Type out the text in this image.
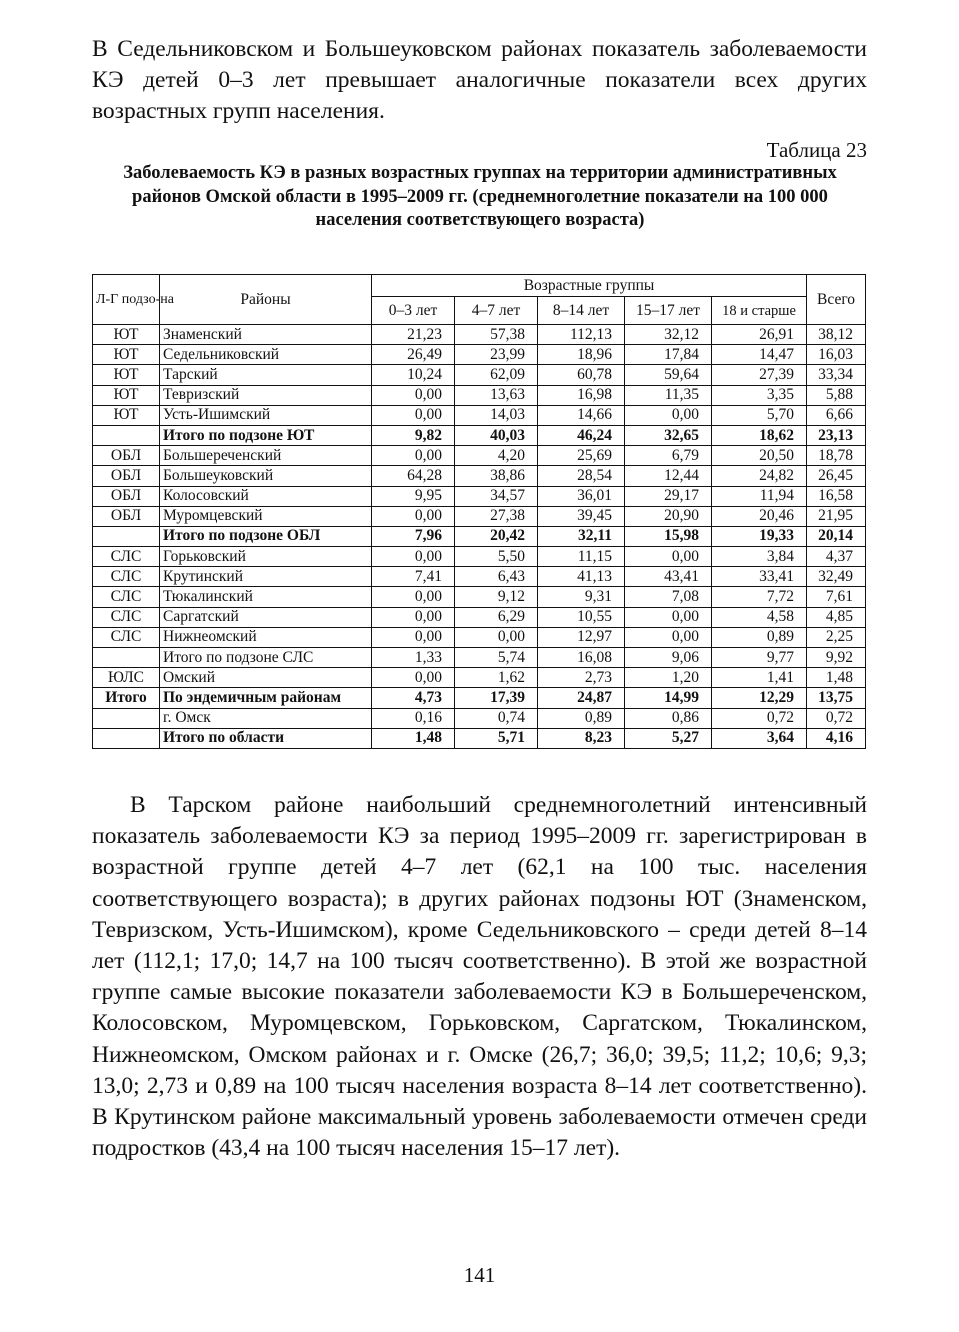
В Седельниковском и Большеуковском районах показатель заболеваемости КЭ детей 0–3 лет превышает аналогичные показатели всех других возрастных групп населения.

Таблица 23
Заболеваемость КЭ в разных возрастных группах на территории административных районов Омской области в 1995–2009 гг. (среднемноголетние показатели на 100 000 населения соответствующего возраста)
Л-Г подзо-на	Районы	Возрастные группы					Всего
		0–3 лет	4–7 лет	8–14 лет	15–17 лет	18 и старше	
ЮТ	Знаменский	21,23	57,38	112,13	32,12	26,91	38,12
ЮТ	Седельниковский	26,49	23,99	18,96	17,84	14,47	16,03
ЮТ	Тарский	10,24	62,09	60,78	59,64	27,39	33,34
ЮТ	Тевризский	0,00	13,63	16,98	11,35	3,35	5,88
ЮТ	Усть-Ишимский	0,00	14,03	14,66	0,00	5,70	6,66
	Итого по подзоне ЮТ	9,82	40,03	46,24	32,65	18,62	23,13
ОБЛ	Большереченский	0,00	4,20	25,69	6,79	20,50	18,78
ОБЛ	Большеуковский	64,28	38,86	28,54	12,44	24,82	26,45
ОБЛ	Колосовский	9,95	34,57	36,01	29,17	11,94	16,58
ОБЛ	Муромцевский	0,00	27,38	39,45	20,90	20,46	21,95
	Итого по подзоне ОБЛ	7,96	20,42	32,11	15,98	19,33	20,14
СЛС	Горьковский	0,00	5,50	11,15	0,00	3,84	4,37
СЛС	Крутинский	7,41	6,43	41,13	43,41	33,41	32,49
СЛС	Тюкалинский	0,00	9,12	9,31	7,08	7,72	7,61
СЛС	Саргатский	0,00	6,29	10,55	0,00	4,58	4,85
СЛС	Нижнеомский	0,00	0,00	12,97	0,00	0,89	2,25
	Итого по подзоне СЛС	1,33	5,74	16,08	9,06	9,77	9,92
ЮЛС	Омский	0,00	1,62	2,73	1,20	1,41	1,48
Итого	По эндемичным районам	4,73	17,39	24,87	14,99	12,29	13,75
	г. Омск	0,16	0,74	0,89	0,86	0,72	0,72
	Итого по области	1,48	5,71	8,23	5,27	3,64	4,16

В Тарском районе наибольший среднемноголетний интенсивный показатель заболеваемости КЭ за период 1995–2009 гг. зарегистрирован в возрастной группе детей 4–7 лет (62,1 на 100 тыс. населения соответствующего возраста); в других районах подзоны ЮТ (Знаменском, Тевризском, Усть-Ишимском), кроме Седельниковского – среди детей 8–14 лет (112,1; 17,0; 14,7 на 100 тысяч соответственно). В этой же возрастной группе самые высокие показатели заболеваемости КЭ в Большереченском, Колосовском, Муромцевском, Горьковском, Саргатском, Тюкалинском, Нижнеомском, Омском районах и г. Омске (26,7; 36,0; 39,5; 11,2; 10,6; 9,3; 13,0; 2,73 и 0,89 на 100 тысяч населения возраста 8–14 лет соответственно). В Крутинском районе максимальный уровень заболеваемости отмечен среди подростков (43,4 на 100 тысяч населения 15–17 лет).

141
